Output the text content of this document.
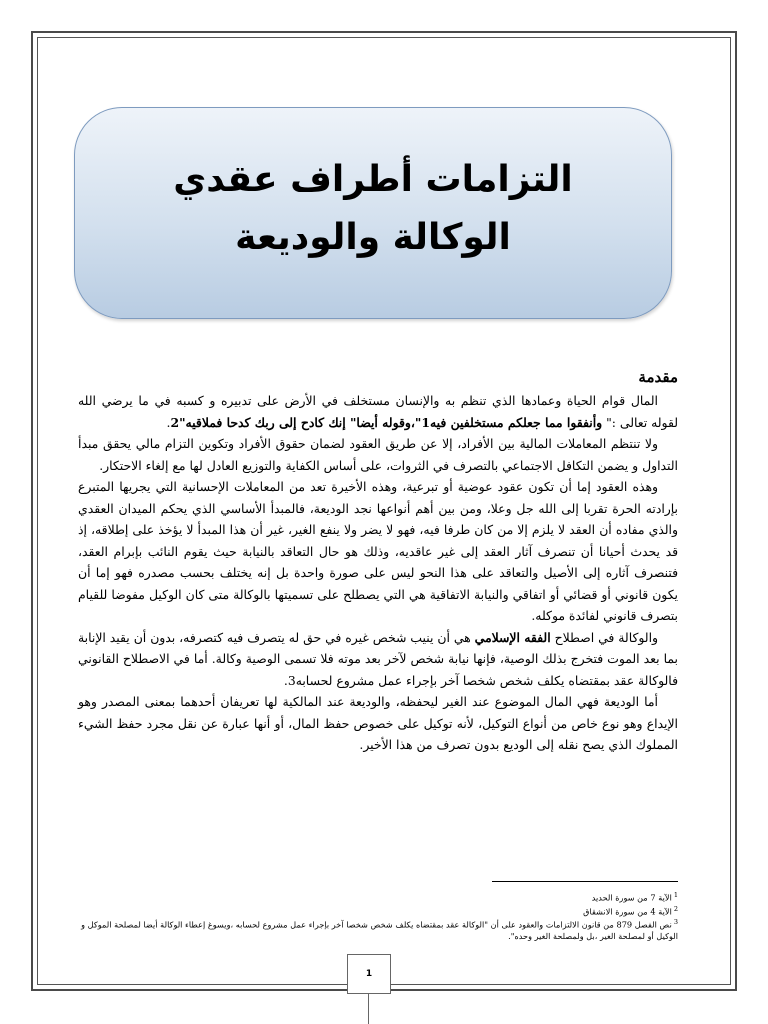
التزامات أطراف عقدي الوكالة والوديعة

مقدمة

المال قوام الحياة وعمادها الذي تنظم به والإنسان مستخلف في الأرض على تدبيره و كسبه في ما يرضي الله لقوله تعالى :" وأنفقوا مما جعلكم مستخلفين فيه1"،وقوله أيضا" إنك كادح إلى ربك كدحا فملاقيه"2.

ولا تنتظم المعاملات المالية بين الأفراد، إلا عن طريق العقود لضمان حقوق الأفراد وتكوين التزام مالي يحقق مبدأ التداول و يضمن التكافل الاجتماعي بالتصرف في الثروات، على أساس الكفاية والتوزيع العادل لها مع إلغاء الاحتكار.

وهذه العقود إما أن تكون عقود عوضية أو تبرعية، وهذه الأخيرة تعد من المعاملات الإحسانية التي يجريها المتبرع بإرادته الحرة تقربا إلى الله جل وعلا، ومن بين أهم أنواعها نجد الوديعة، فالمبدأ الأساسي الذي يحكم الميدان العقدي والذي مفاده أن العقد لا يلزم إلا من كان طرفا فيه، فهو لا يضر ولا ينفع الغير، غير أن هذا المبدأ لا يؤخذ على إطلاقه، إذ قد يحدث أحيانا أن تنصرف آثار العقد إلى غير عاقديه، وذلك هو حال التعاقد بالنيابة حيث يقوم النائب بإبرام العقد، فتنصرف آثاره إلى الأصيل والتعاقد على هذا النحو ليس على صورة واحدة بل إنه يختلف بحسب مصدره فهو إما أن يكون قانوني أو قضائي أو اتفاقي والنيابة الاتفاقية هي التي يصطلح على تسميتها بالوكالة متى كان الوكيل مفوضا للقيام بتصرف قانوني لفائدة موكله.

والوكالة في اصطلاح الفقه الإسلامي هي أن ينيب شخص غيره في حق له يتصرف فيه كتصرفه، بدون أن يقيد الإنابة بما بعد الموت فتخرج بذلك الوصية، فإنها نيابة شخص لآخر بعد موته فلا تسمى الوصية وكالة. أما في الاصطلاح القانوني فالوكالة عقد بمقتضاه يكلف شخص شخصا آخر بإجراء عمل مشروع لحسابه3.

أما الوديعة فهي المال الموضوع عند الغير ليحفظه، والوديعة عند المالكية لها تعريفان أحدهما بمعنى المصدر وهو الإيداع وهو نوع خاص من أنواع التوكيل، لأنه توكيل على خصوص حفظ المال، أو أنها عبارة عن نقل مجرد حفظ الشيء المملوك الذي يصح نقله إلى الوديع بدون تصرف من هذا الأخير.

$^1$الآية 7 من سورة الحديد

$^2$الآية 4 من سورة الانشقاق

$^3$نص الفصل 879 من قانون الالتزامات والعقود على أن "الوكالة عقد بمقتضاه يكلف شخص شخصا آخر بإجراء عمل مشروع لحسابه ،ويسوغ إعطاء الوكالة أيضا لمصلحة الموكل و الوكيل أو لمصلحة الغير ،بل ولمصلحة الغير وحده".

1
